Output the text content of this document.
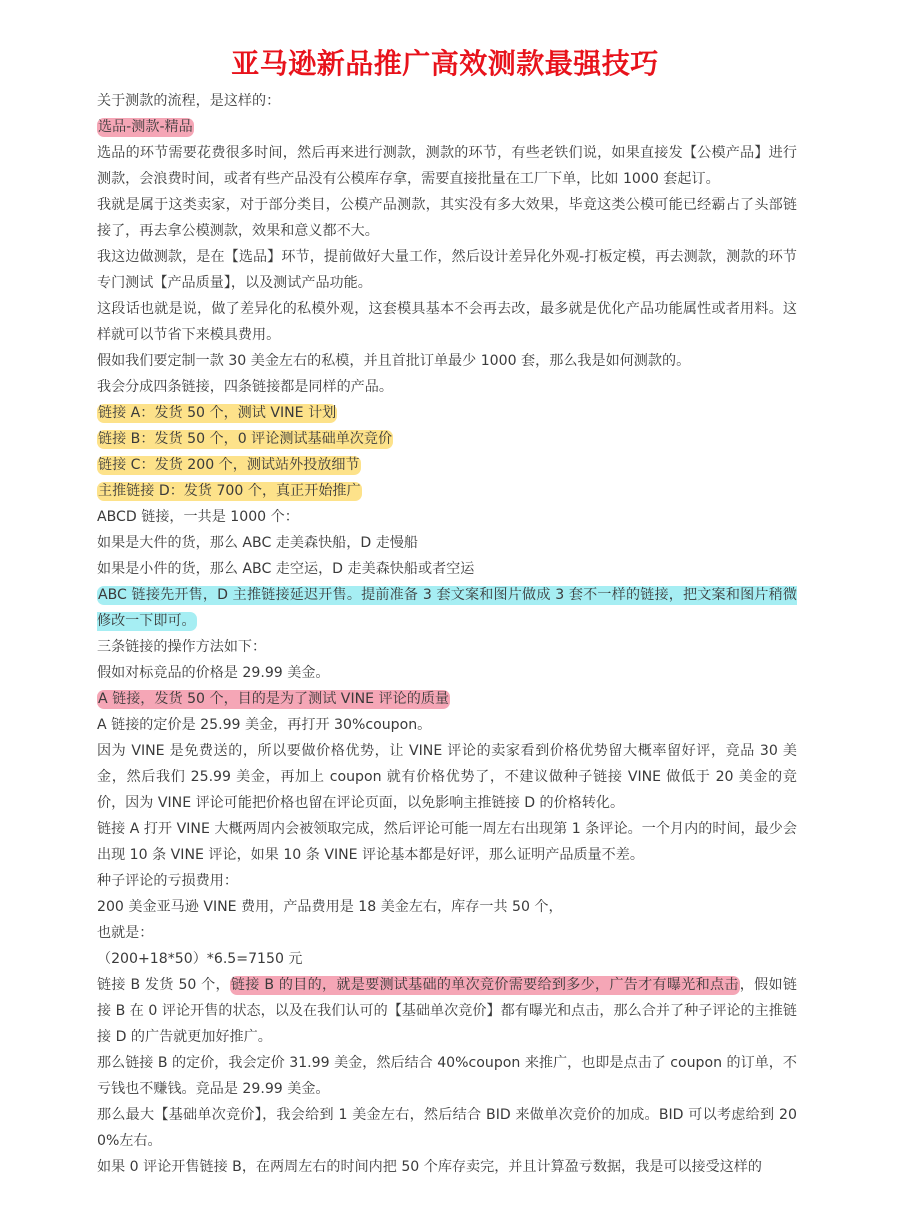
亚马逊新品推广高效测款最强技巧
关于测款的流程，是这样的：
选品-测款-精品
选品的环节需要花费很多时间，然后再来进行测款，测款的环节，有些老铁们说，如果直接发【公模产品】进行测款，会浪费时间，或者有些产品没有公模库存拿，需要直接批量在工厂下单，比如 1000 套起订。
我就是属于这类卖家，对于部分类目，公模产品测款，其实没有多大效果，毕竟这类公模可能已经霸占了头部链接了，再去拿公模测款，效果和意义都不大。
我这边做测款，是在【选品】环节，提前做好大量工作，然后设计差异化外观-打板定模，再去测款，测款的环节专门测试【产品质量】，以及测试产品功能。
这段话也就是说，做了差异化的私模外观，这套模具基本不会再去改，最多就是优化产品功能属性或者用料。这样就可以节省下来模具费用。
假如我们要定制一款 30 美金左右的私模，并且首批订单最少 1000 套，那么我是如何测款的。
我会分成四条链接，四条链接都是同样的产品。
链接 A：发货 50 个，测试 VINE 计划
链接 B：发货 50 个，0 评论测试基础单次竞价
链接 C：发货 200 个，测试站外投放细节
主推链接 D：发货 700 个，真正开始推广
ABCD 链接，一共是 1000 个：
如果是大件的货，那么 ABC 走美森快船，D 走慢船
如果是小件的货，那么 ABC 走空运，D 走美森快船或者空运
ABC 链接先开售，D 主推链接延迟开售。提前准备 3 套文案和图片做成 3 套不一样的链接，把文案和图片稍微修改一下即可。
三条链接的操作方法如下：
假如对标竞品的价格是 29.99 美金。
A 链接，发货 50 个，目的是为了测试 VINE 评论的质量
A 链接的定价是 25.99 美金，再打开 30%coupon。
因为 VINE 是免费送的，所以要做价格优势，让 VINE 评论的卖家看到价格优势留大概率留好评，竞品 30 美金，然后我们 25.99 美金，再加上 coupon 就有价格优势了，不建议做种子链接 VINE 做低于 20 美金的竞价，因为 VINE 评论可能把价格也留在评论页面，以免影响主推链接 D 的价格转化。
链接 A 打开 VINE 大概两周内会被领取完成，然后评论可能一周左右出现第 1 条评论。一个月内的时间，最少会出现 10 条 VINE 评论，如果 10 条 VINE 评论基本都是好评，那么证明产品质量不差。
种子评论的亏损费用：
200 美金亚马逊 VINE 费用，产品费用是 18 美金左右，库存一共 50 个，
也就是：
（200+18*50）*6.5=7150 元
链接 B 发货 50 个，链接 B 的目的，就是要测试基础的单次竞价需要给到多少，广告才有曝光和点击，假如链接 B 在 0 评论开售的状态，以及在我们认可的【基础单次竞价】都有曝光和点击，那么合并了种子评论的主推链接 D 的广告就更加好推广。
那么链接 B 的定价，我会定价 31.99 美金，然后结合 40%coupon 来推广，也即是点击了 coupon 的订单，不亏钱也不赚钱。竞品是 29.99 美金。
那么最大【基础单次竞价】，我会给到 1 美金左右，然后结合 BID 来做单次竞价的加成。BID 可以考虑给到 200%左右。
如果 0 评论开售链接 B，在两周左右的时间内把 50 个库存卖完，并且计算盈亏数据，我是可以接受这样的
